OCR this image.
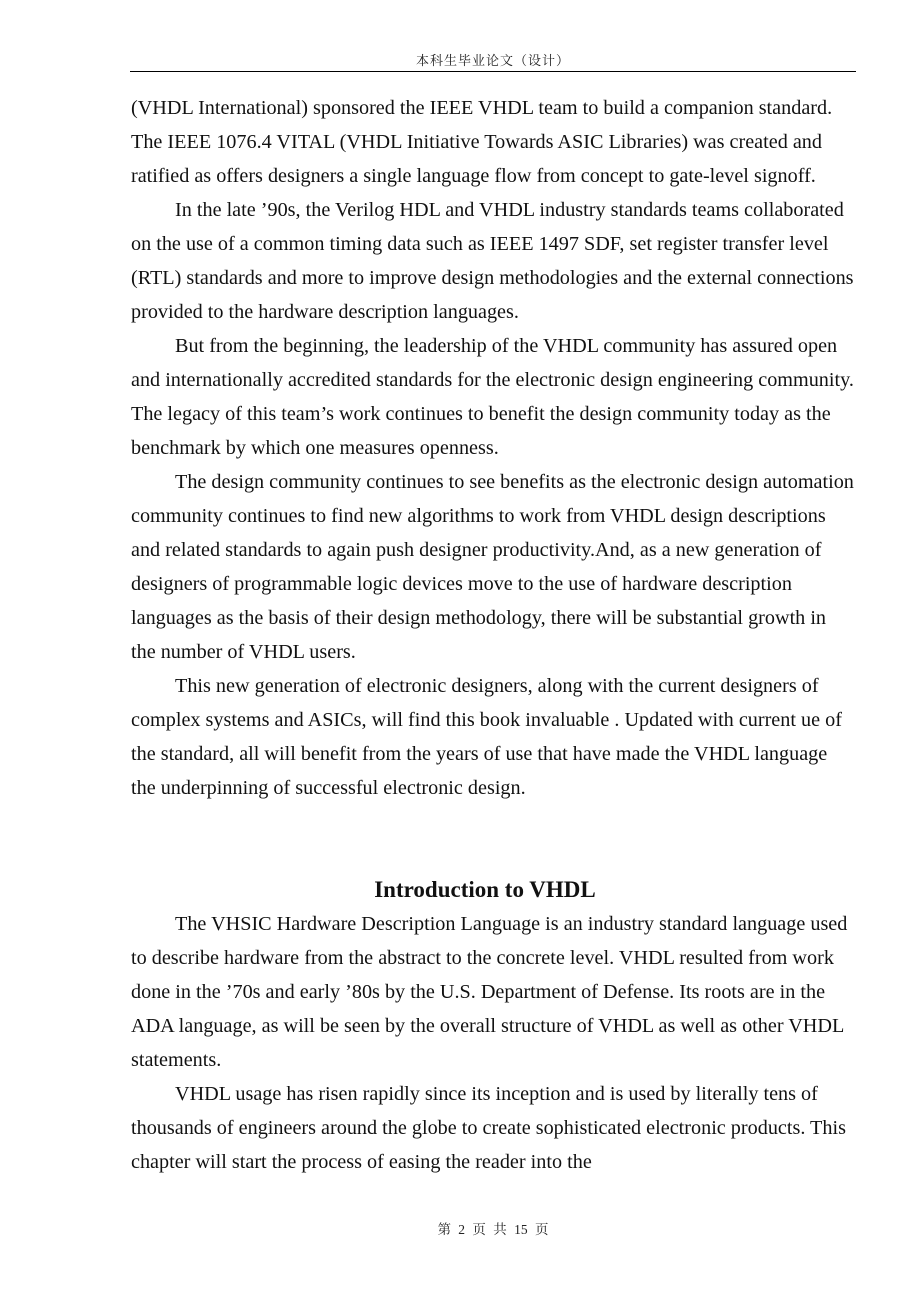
本科生毕业论文（设计）

(VHDL International) sponsored the IEEE VHDL team to build a companion standard. The IEEE 1076.4 VITAL (VHDL Initiative Towards ASIC Libraries) was created and ratified as offers designers a single language flow from concept to gate-level signoff.

In the late ’90s, the Verilog HDL and VHDL industry standards teams collaborated on the use of a common timing data such as IEEE 1497 SDF, set register transfer level (RTL) standards and more to improve design methodologies and the external connections provided to the hardware description languages.

But from the beginning, the leadership of the VHDL community has assured open and internationally accredited standards for the electronic design engineering community. The legacy of this team’s work continues to benefit the design community today as the benchmark by which one measures openness.

The design community continues to see benefits as the electronic design automation community continues to find new algorithms to work from VHDL design descriptions and related standards to again push designer productivity.And, as a new generation of designers of programmable logic devices move to the use of hardware description languages as the basis of their design methodology, there will be substantial growth in the number of VHDL users.

This new generation of electronic designers, along with the current designers of complex systems and ASICs, will find this book invaluable . Updated with current ue of the standard, all will benefit from the years of use that have made the VHDL language the underpinning of successful electronic design.

Introduction to VHDL

The VHSIC Hardware Description Language is an industry standard language used to describe hardware from the abstract to the concrete level. VHDL resulted from work done in the ’70s and early ’80s by the U.S. Department of Defense. Its roots are in the ADA language, as will be seen by the overall structure of VHDL as well as other VHDL statements.

VHDL usage has risen rapidly since its inception and is used by literally tens of thousands of engineers around the globe to create sophisticated electronic products. This chapter will start the process of easing the reader into the

第 2 页 共 15 页
